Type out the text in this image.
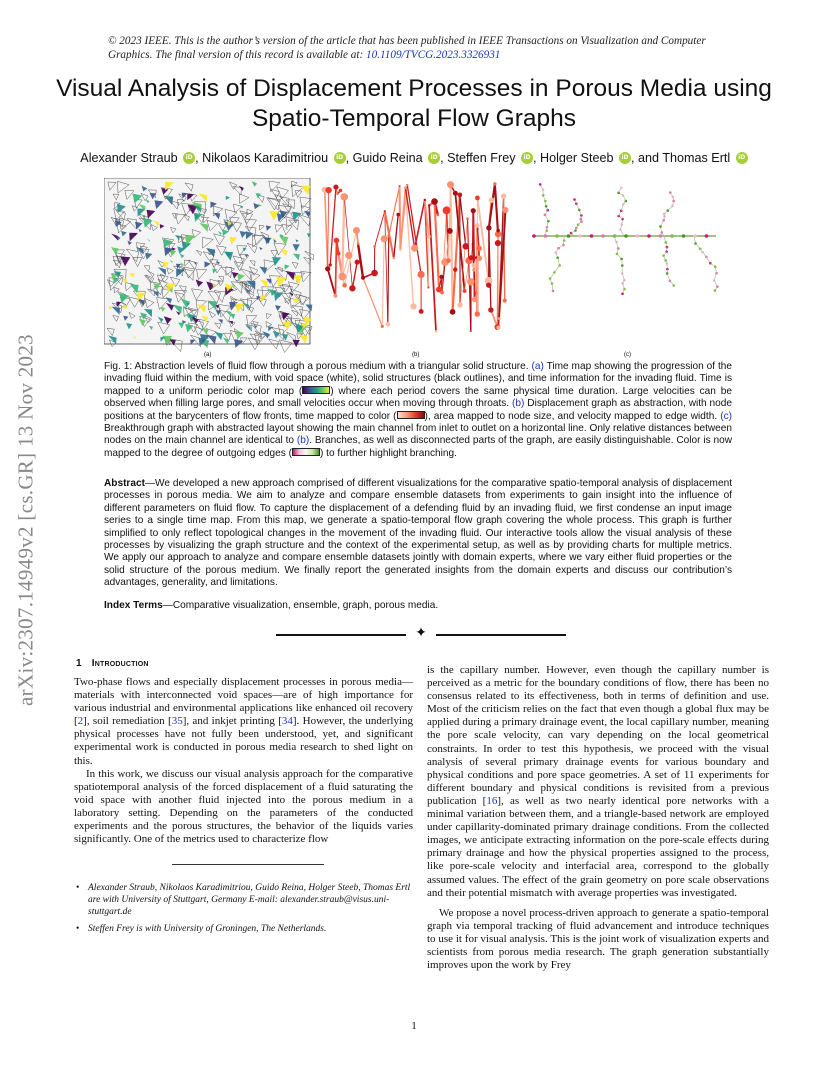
© 2023 IEEE. This is the author’s version of the article that has been published in IEEE Transactions on Visualization and Computer Graphics. The final version of this record is available at: 10.1109/TVCG.2023.3326931
Visual Analysis of Displacement Processes in Porous Media using Spatio-Temporal Flow Graphs
Alexander Straub iD, Nikolaos Karadimitriou iD, Guido Reina iD, Steffen Frey iD, Holger Steeb iD, and Thomas Ertl iD
arXiv:2307.14949v2 [cs.GR] 13 Nov 2023	(a)	(b)	(c)
Fig. 1: Abstraction levels of fluid flow through a porous medium with a triangular solid structure. (a) Time map showing the progression of the invading fluid within the medium, with void space (white), solid structures (black outlines), and time information for the invading fluid. Time is mapped to a uniform periodic color map (	) where each period covers the same physical time duration. Large velocities can be observed when filling large pores, and small velocities occur when moving through throats. (b) Displacement graph as abstraction, with node positions at the barycenters of flow fronts, time mapped to color (	), area mapped to node size, and velocity mapped to edge width. (c) Breakthrough graph with abstracted layout showing the main channel from inlet to outlet on a horizontal line. Only relative distances between nodes on the main channel are identical to (b). Branches, as well as disconnected parts of the graph, are easily distinguishable. Color is now mapped to the degree of outgoing edges (	) to further highlight branching.
Abstract—We developed a new approach comprised of different visualizations for the comparative spatio-temporal analysis of displacement processes in porous media. We aim to analyze and compare ensemble datasets from experiments to gain insight into the influence of different parameters on fluid flow. To capture the displacement of a defending fluid by an invading fluid, we first condense an input image series to a single time map. From this map, we generate a spatio-temporal flow graph covering the whole process. This graph is further simplified to only reflect topological changes in the movement of the invading fluid. Our interactive tools allow the visual analysis of these processes by visualizing the graph structure and the context of the experimental setup, as well as by providing charts for multiple metrics. We apply our approach to analyze and compare ensemble datasets jointly with domain experts, where we vary either fluid properties or the solid structure of the porous medium. We finally report the generated insights from the domain experts and discuss our contribution’s advantages, generality, and limitations.
Index Terms—Comparative visualization, ensemble, graph, porous media.
✦
1 Introduction

Two-phase flows and especially displacement processes in porous media—materials with interconnected void spaces—are of high importance for various industrial and environmental applications like enhanced oil recovery [2], soil remediation [35], and inkjet printing [34]. However, the underlying physical processes have not fully been understood, yet, and significant experimental work is conducted in porous media research to shed light on this.

In this work, we discuss our visual analysis approach for the comparative spatiotemporal analysis of the forced displacement of a fluid saturating the void space with another fluid injected into the porous medium in a laboratory setting. Depending on the parameters of the conducted experiments and the porous structures, the behavior of the liquids varies significantly. One of the metrics used to characterize flow

• Alexander Straub, Nikolaos Karadimitriou, Guido Reina, Holger Steeb, Thomas Ertl are with University of Stuttgart, Germany E-mail: alexander.straub@visus.uni-stuttgart.de
• Steffen Frey is with University of Groningen, The Netherlands.

is the capillary number. However, even though the capillary number is perceived as a metric for the boundary conditions of flow, there has been no consensus related to its effectiveness, both in terms of definition and use. Most of the criticism relies on the fact that even though a global flux may be applied during a primary drainage event, the local capillary number, meaning the pore scale velocity, can vary depending on the local geometrical constraints. In order to test this hypothesis, we proceed with the visual analysis of several primary drainage events for various boundary and physical conditions and pore space geometries. A set of 11 experiments for different boundary and physical conditions is revisited from a previous publication [16], as well as two nearly identical pore networks with a minimal variation between them, and a triangle-based network are employed under capillarity-dominated primary drainage conditions. From the collected images, we anticipate extracting information on the pore-scale effects during primary drainage and how the physical properties assigned to the process, like pore-scale velocity and interfacial area, correspond to the globally assumed values. The effect of the grain geometry on pore scale observations and their potential mismatch with average properties was investigated.

We propose a novel process-driven approach to generate a spatio-temporal graph via temporal tracking of fluid advancement and introduce techniques to use it for visual analysis. This is the joint work of visualization experts and scientists from porous media research. The graph generation substantially improves upon the work by Frey

1
